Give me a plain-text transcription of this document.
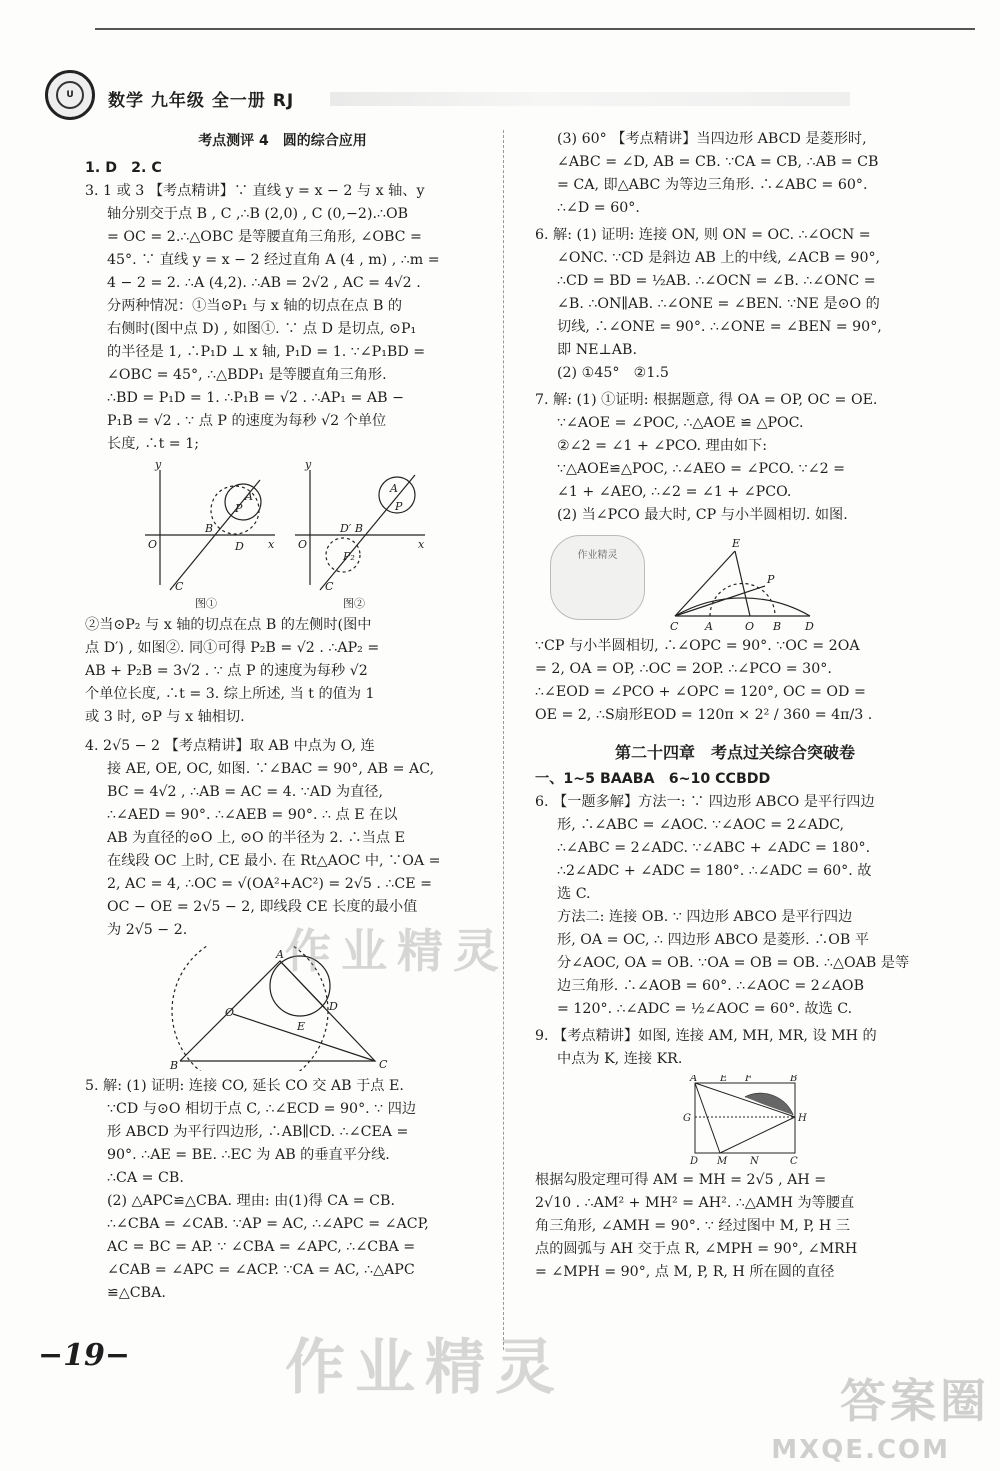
U	数学 九年级 全一册 RJ
考点测评 4　圆的综合应用

1. D　2. C

3. 1 或 3 【考点精讲】∵ 直线 y = x − 2 与 x 轴、y

轴分别交于点 B , C ,∴B (2,0) , C (0,−2).∴OB

= OC = 2.∴△OBC 是等腰直角三角形, ∠OBC =

45°. ∵ 直线 y = x − 2 经过直角 A (4 , m) , ∴m =

4 − 2 = 2. ∴A (4,2). ∴AB = 2√2 , AC = 4√2 .

分两种情况：①当⊙P₁ 与 x 轴的切点在点 B 的

右侧时(图中点 D) , 如图①. ∵ 点 D 是切点, ⊙P₁

的半径是 1, ∴P₁D ⊥ x 轴, P₁D = 1. ∵∠P₁BD =

∠OBC = 45°, ∴△BDP₁ 是等腰直角三角形.

∴BD = P₁D = 1. ∴P₁B = √2 . ∴AP₁ = AB −

P₁B = √2 . ∵ 点 P 的速度为每秒 √2 个单位

长度, ∴t = 1;

y
x
O
B
D
C
A
P
y
x
O
D′ B
C
A
P
P₂
图①	图②

②当⊙P₂ 与 x 轴的切点在点 B 的左侧时(图中

点 D′) , 如图②. 同①可得 P₂B = √2 . ∴AP₂ =

AB + P₂B = 3√2 . ∵ 点 P 的速度为每秒 √2

个单位长度, ∴t = 3. 综上所述, 当 t 的值为 1

或 3 时, ⊙P 与 x 轴相切.

4. 2√5 − 2 【考点精讲】取 AB 中点为 O, 连

接 AE, OE, OC, 如图. ∵∠BAC = 90°, AB = AC,

BC = 4√2 , ∴AB = AC = 4. ∵AD 为直径,

∴∠AED = 90°. ∴∠AEB = 90°. ∴ 点 E 在以

AB 为直径的⊙O 上, ⊙O 的半径为 2. ∴当点 E

在线段 OC 上时, CE 最小. 在 Rt△AOC 中, ∵OA =

2, AC = 4, ∴OC = √(OA²+AC²) = 2√5 . ∴CE =

OC − OE = 2√5 − 2, 即线段 CE 长度的最小值

为 2√5 − 2.

A
O	D
E
B	C

5. 解: (1) 证明: 连接 CO, 延长 CO 交 AB 于点 E.

∵CD 与⊙O 相切于点 C, ∴∠ECD = 90°. ∵ 四边

形 ABCD 为平行四边形, ∴AB∥CD. ∴∠CEA =

90°. ∴AE = BE. ∴EC 为 AB 的垂直平分线.

∴CA = CB.

(2) △APC≌△CBA. 理由: 由(1)得 CA = CB.

∴∠CBA = ∠CAB. ∵AP = AC, ∴∠APC = ∠ACP,

AC = BC = AP. ∵ ∠CBA = ∠APC, ∴∠CBA =

∠CAB = ∠APC = ∠ACP. ∵CA = AC, ∴△APC

≌△CBA.

(3) 60° 【考点精讲】当四边形 ABCD 是菱形时,

∠ABC = ∠D, AB = CB. ∵CA = CB, ∴AB = CB

= CA, 即△ABC 为等边三角形. ∴∠ABC = 60°.

∴∠D = 60°.

6. 解: (1) 证明: 连接 ON, 则 ON = OC. ∴∠OCN =

∠ONC. ∵CD 是斜边 AB 上的中线, ∠ACB = 90°,

∴CD = BD = ½AB. ∴∠OCN = ∠B. ∴∠ONC =

∠B. ∴ON∥AB. ∴∠ONE = ∠BEN. ∵NE 是⊙O 的

切线, ∴∠ONE = 90°. ∴∠ONE = ∠BEN = 90°,

即 NE⊥AB.

(2) ①45°　②1.5

7. 解: (1) ①证明: 根据题意, 得 OA = OP, OC = OE.

∵∠AOE = ∠POC, ∴△AOE ≌ △POC.

②∠2 = ∠1 + ∠PCO. 理由如下:

∵△AOE≌△POC, ∴∠AEO = ∠PCO. ∵∠2 =

∠1 + ∠AEO, ∴∠2 = ∠1 + ∠PCO.

(2) 当∠PCO 最大时, CP 与小半圆相切. 如图.

E
P
C A	O B D

∵CP 与小半圆相切, ∴∠OPC = 90°. ∵OC = 2OA

= 2, OA = OP, ∴OC = 2OP. ∴∠PCO = 30°.

∴∠EOD = ∠PCO + ∠OPC = 120°, OC = OD =

OE = 2, ∴S扇形EOD = 120π × 2² / 360 = 4π/3 .

第二十四章　考点过关综合突破卷

一、1~5 BAABA　6~10 CCBDD

6. 【一题多解】方法一: ∵ 四边形 ABCO 是平行四边

形, ∴∠ABC = ∠AOC. ∵∠AOC = 2∠ADC,

∴∠ABC = 2∠ADC. ∵∠ABC + ∠ADC = 180°.

∴2∠ADC + ∠ADC = 180°. ∴∠ADC = 60°. 故

选 C.

方法二: 连接 OB. ∵ 四边形 ABCO 是平行四边

形, OA = OC, ∴ 四边形 ABCO 是菱形. ∴OB 平

分∠AOC, OA = OB. ∵OA = OB = OB. ∴△OAB 是等

边三角形. ∴∠AOB = 60°. ∴∠AOC = 2∠AOB

= 120°. ∴∠ADC = ½∠AOC = 60°. 故选 C.

9. 【考点精讲】如图, 连接 AM, MH, MR, 设 MH 的

中点为 K, 连接 KR.

A E F	B
G	H
D M N	C

根据勾股定理可得 AM = MH = 2√5 , AH =

2√10 . ∴AM² + MH² = AH². ∴△AMH 为等腰直

角三角形, ∠AMH = 90°. ∵ 经过图中 M, P, H 三

点的圆弧与 AH 交于点 R, ∠MPH = 90°, ∠MRH

= ∠MPH = 90°, 点 M, P, R, H 所在圆的直径

作业精灵
作业精灵
作业精灵
−19−
答案圈
MXQE.COM
